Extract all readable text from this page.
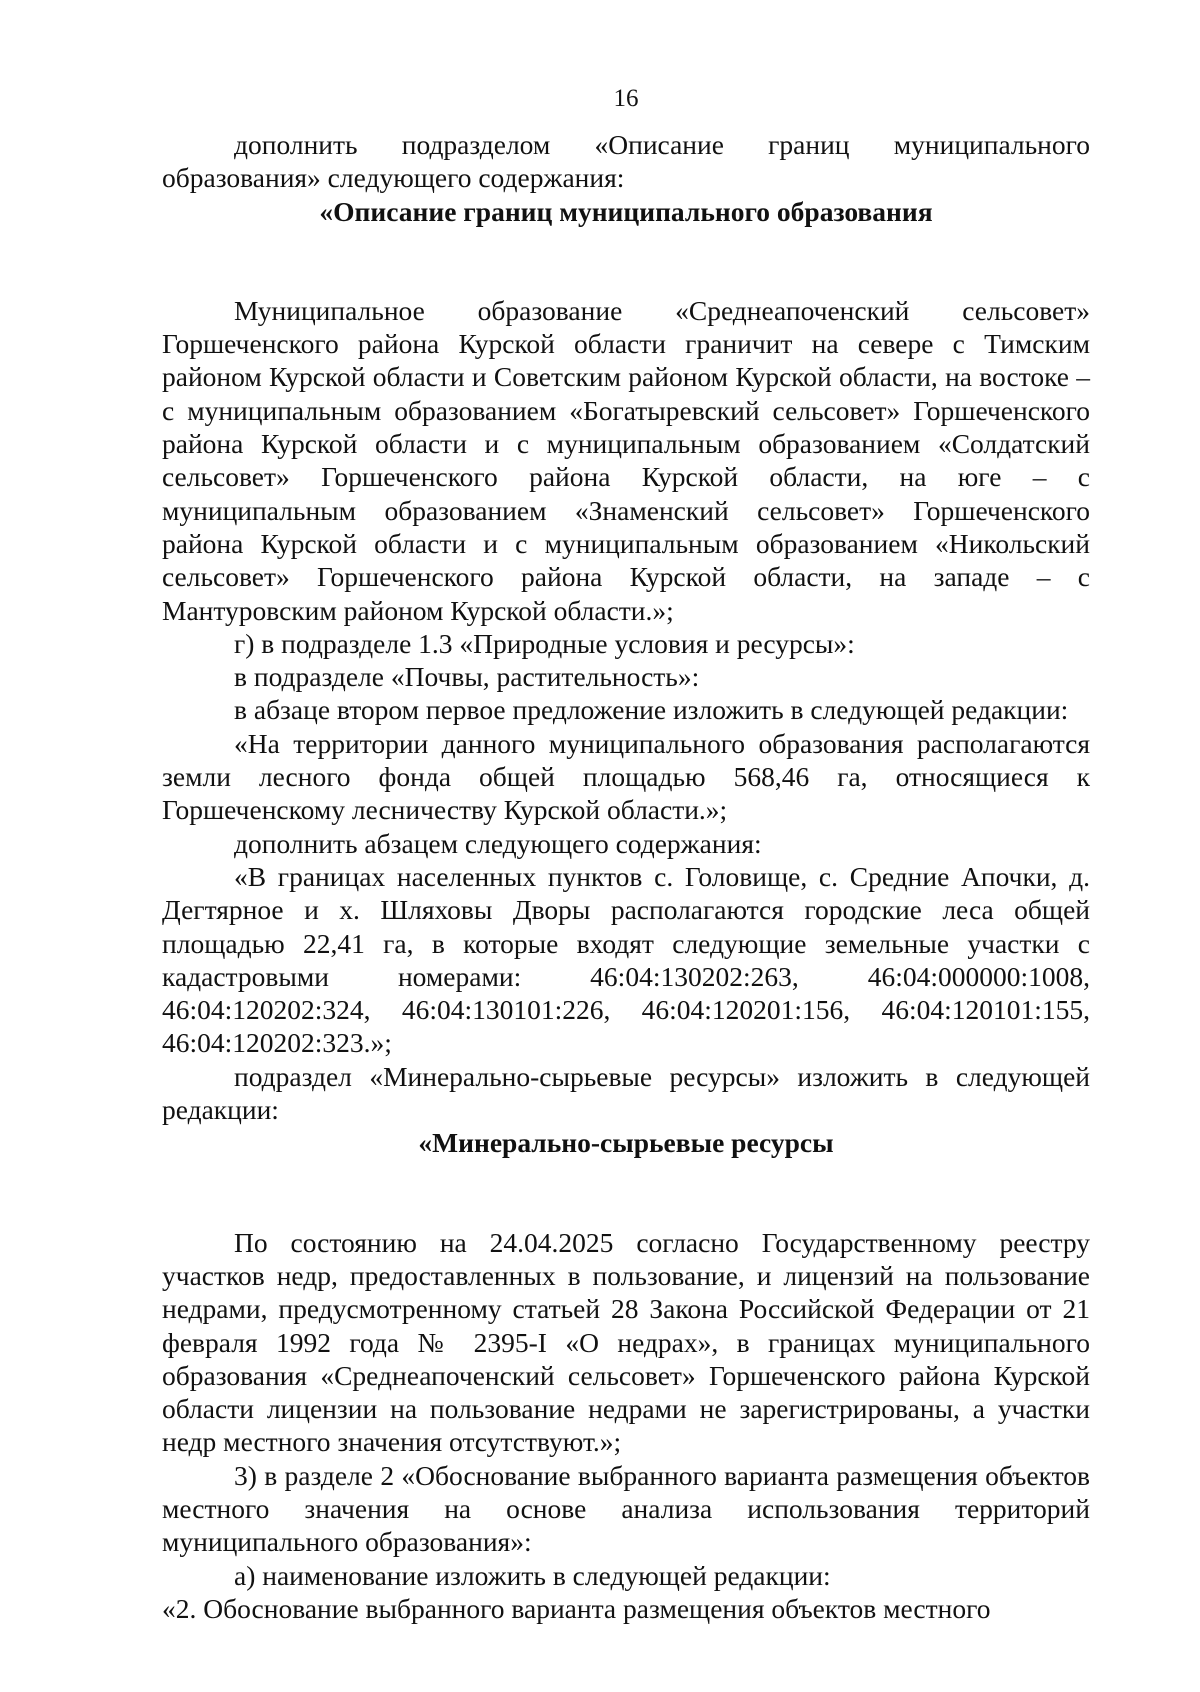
16

дополнить подразделом «Описание границ муниципального образования» следующего содержания:

«Описание границ муниципального образования

Муниципальное образование «Среднеапоченский сельсовет» Горшеченского района Курской области граничит на севере с Тимским районом Курской области и Советским районом Курской области, на востоке – с муниципальным образованием «Богатыревский сельсовет» Горшеченского района Курской области и с муниципальным образованием «Солдатский сельсовет» Горшеченского района Курской области, на юге – с муниципальным образованием «Знаменский сельсовет» Горшеченского района Курской области и с муниципальным образованием «Никольский сельсовет» Горшеченского района Курской области, на западе – с Мантуровским районом Курской области.»;

г) в подразделе 1.3 «Природные условия и ресурсы»:

в подразделе «Почвы, растительность»:

в абзаце втором первое предложение изложить в следующей редакции:

«На территории данного муниципального образования располагаются земли лесного фонда общей площадью 568,46 га, относящиеся к Горшеченскому лесничеству Курской области.»;

дополнить абзацем следующего содержания:

«В границах населенных пунктов с. Головище, с. Средние Апочки, д. Дегтярное и х. Шляховы Дворы располагаются городские леса общей площадью 22,41 га, в которые входят следующие земельные участки с кадастровыми номерами: 46:04:130202:263, 46:04:000000:1008, 46:04:120202:324, 46:04:130101:226, 46:04:120201:156, 46:04:120101:155, 46:04:120202:323.»;

подраздел «Минерально-сырьевые ресурсы» изложить в следующей редакции:

«Минерально-сырьевые ресурсы

По состоянию на 24.04.2025 согласно Государственному реестру участков недр, предоставленных в пользование, и лицензий на пользование недрами, предусмотренному статьей 28 Закона Российской Федерации от 21 февраля 1992 года № 2395-I «О недрах», в границах муниципального образования «Среднеапоченский сельсовет» Горшеченского района Курской области лицензии на пользование недрами не зарегистрированы, а участки недр местного значения отсутствуют.»;

3) в разделе 2 «Обоснование выбранного варианта размещения объектов местного значения на основе анализа использования территорий муниципального образования»:

а) наименование изложить в следующей редакции:

«2. Обоснование выбранного варианта размещения объектов местного
